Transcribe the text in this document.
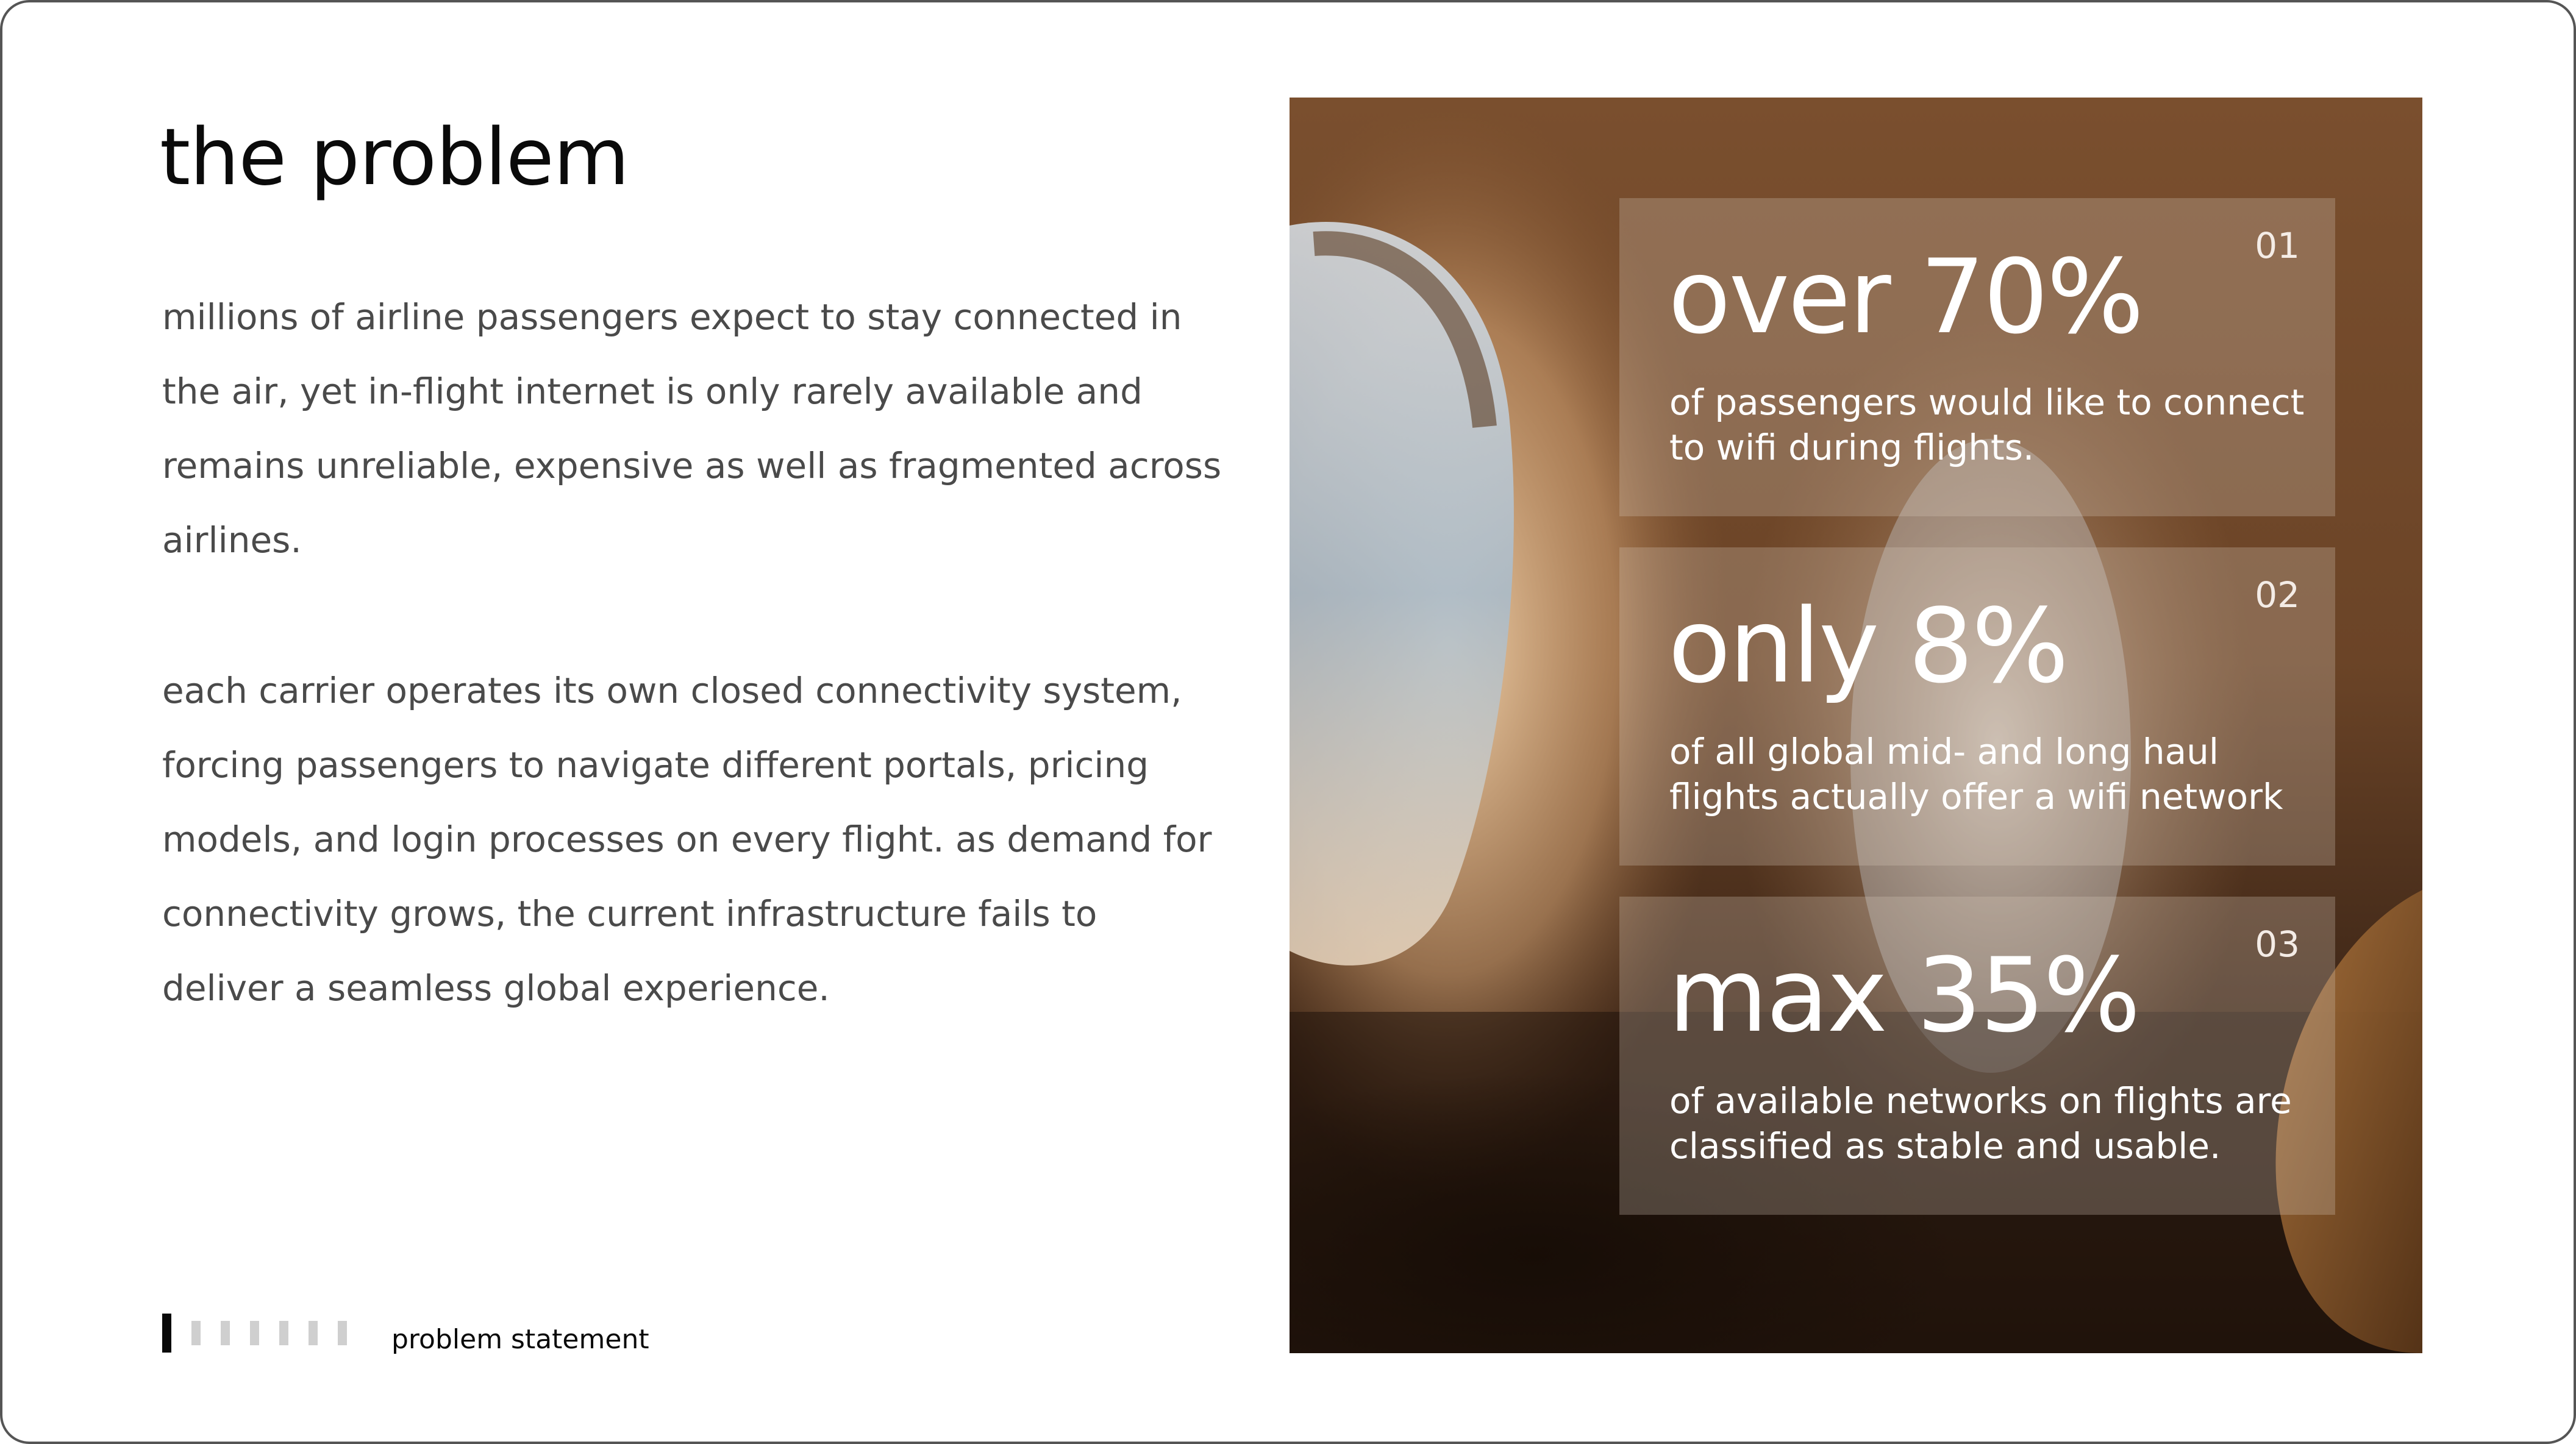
the problem

millions of airline passengers expect to stay connected in the air, yet in-flight internet is only rarely available and remains unreliable, expensive as well as fragmented across airlines.

each carrier operates its own closed connectivity system, forcing passengers to navigate different portals, pricing models, and login processes on every flight. as demand for connectivity grows, the current infrastructure fails to deliver a seamless global experience.

problem statement
01
over 70%

of passengers would like to connect to wifi during flights.

02
only 8%

of all global mid- and long haul flights actually offer a wifi network

03
max 35%

of available networks on flights are classified as stable and usable.
